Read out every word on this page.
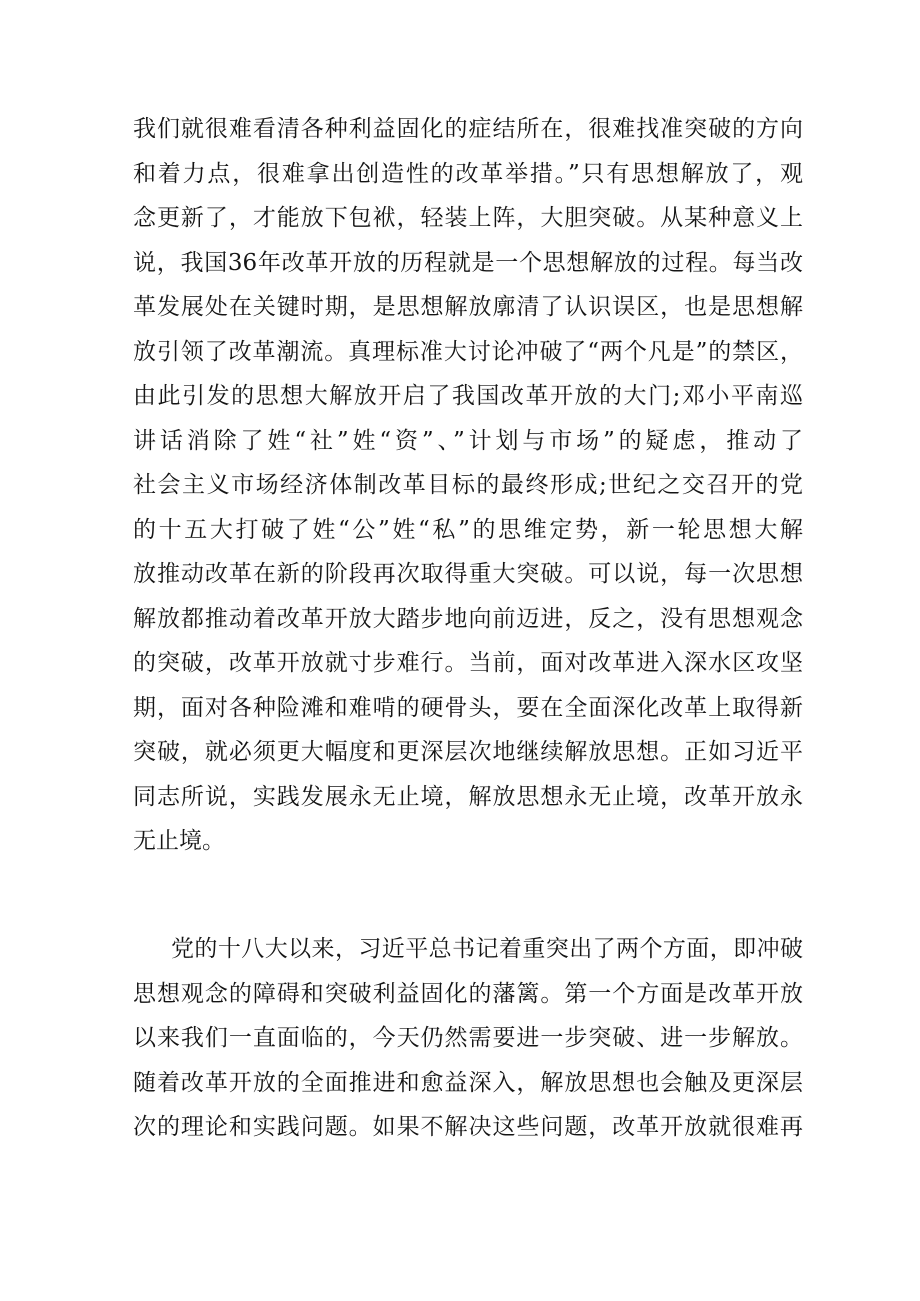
我们就很难看清各种利益固化的症结所在，很难找准突破的方向
和着力点，很难拿出创造性的改革举措。”只有思想解放了，观
念更新了，才能放下包袱，轻装上阵，大胆突破。从某种意义上
说，我国36年改革开放的历程就是一个思想解放的过程。每当改
革发展处在关键时期，是思想解放廓清了认识误区，也是思想解
放引领了改革潮流。真理标准大讨论冲破了“两个凡是”的禁区，
由此引发的思想大解放开启了我国改革开放的大门;邓小平南巡
讲话消除了姓“社”姓“资”、”计划与市场”的疑虑，推动了
社会主义市场经济体制改革目标的最终形成;世纪之交召开的党
的十五大打破了姓“公”姓“私”的思维定势，新一轮思想大解
放推动改革在新的阶段再次取得重大突破。可以说，每一次思想
解放都推动着改革开放大踏步地向前迈进，反之，没有思想观念
的突破，改革开放就寸步难行。当前，面对改革进入深水区攻坚
期，面对各种险滩和难啃的硬骨头，要在全面深化改革上取得新
突破，就必须更大幅度和更深层次地继续解放思想。正如习近平
同志所说，实践发展永无止境，解放思想永无止境，改革开放永
无止境。
党的十八大以来，习近平总书记着重突出了两个方面，即冲破
思想观念的障碍和突破利益固化的藩篱。第一个方面是改革开放
以来我们一直面临的，今天仍然需要进一步突破、进一步解放。
随着改革开放的全面推进和愈益深入，解放思想也会触及更深层
次的理论和实践问题。如果不解决这些问题，改革开放就很难再
